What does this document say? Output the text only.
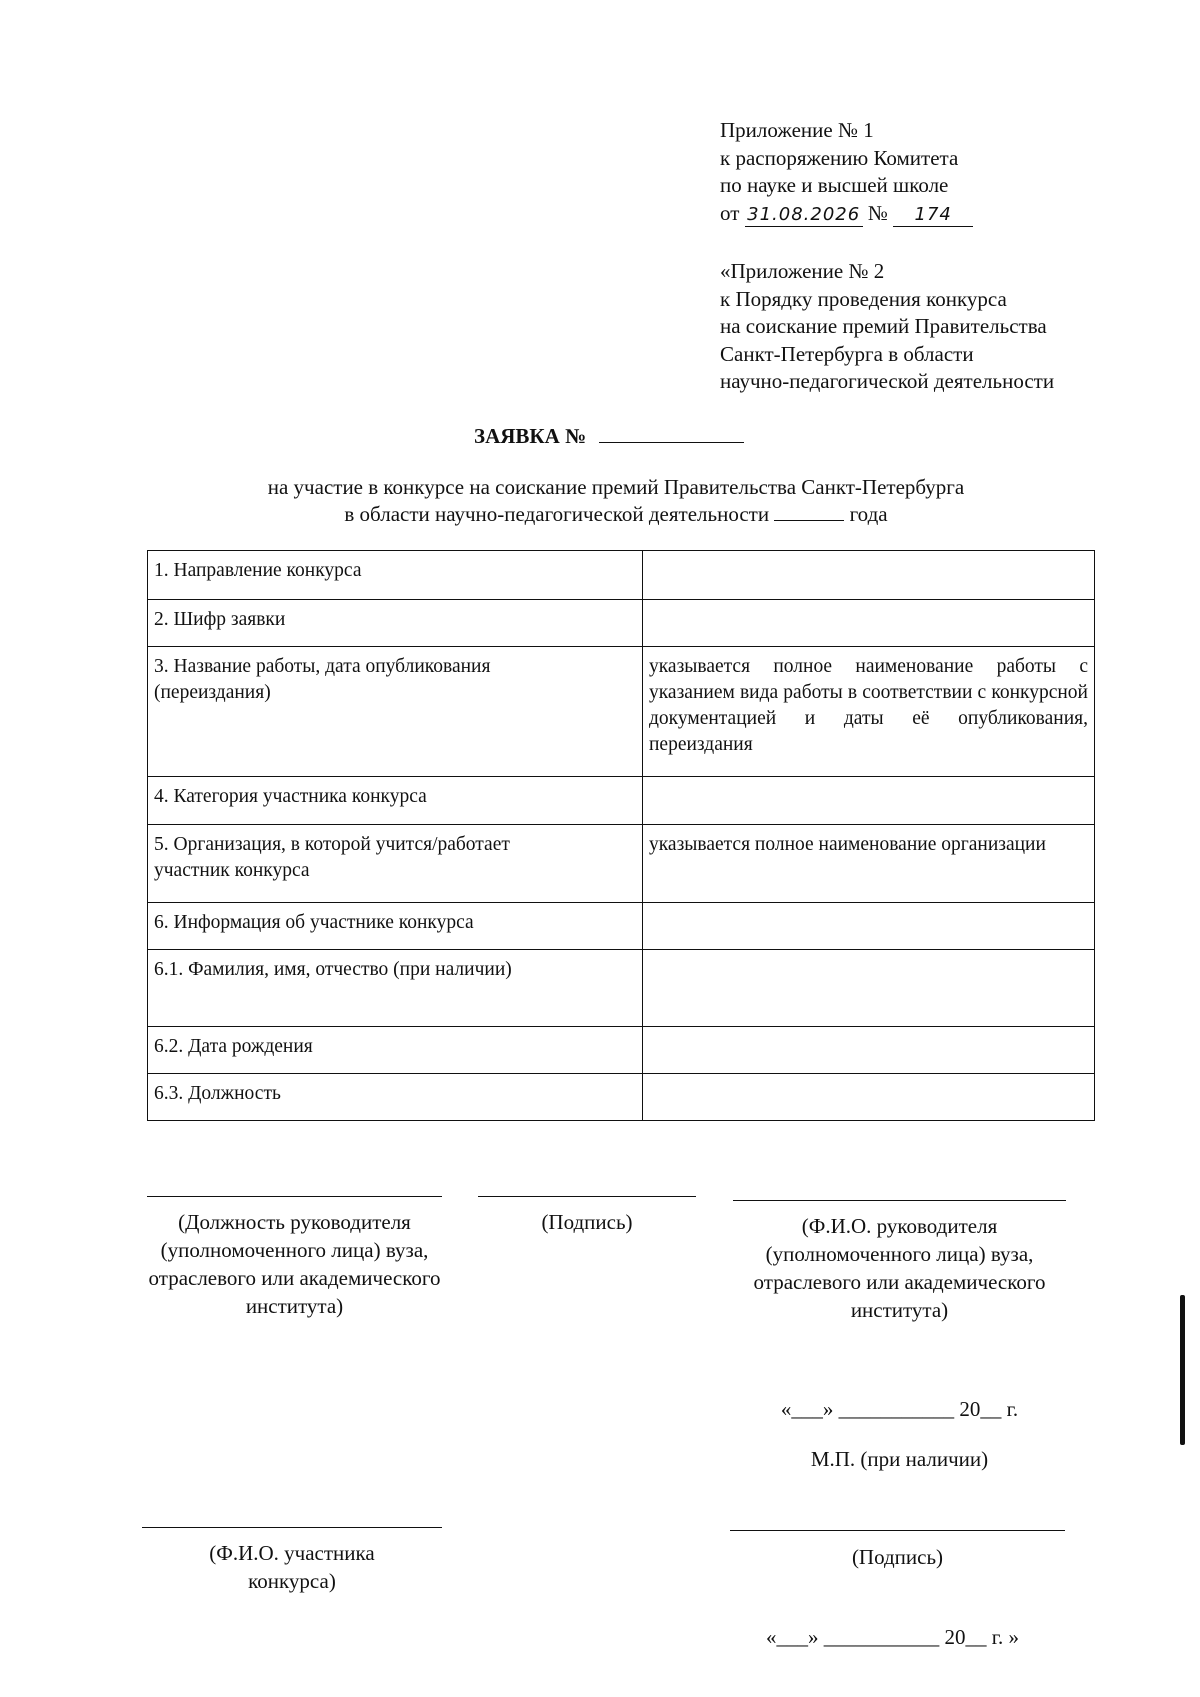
Приложение № 1
к распоряжению Комитета
по науке и высшей школе
от 31.08.2026 № 174
«Приложение № 2
к Порядку проведения конкурса
на соискание премий Правительства
Санкт-Петербурга в области
научно-педагогической деятельности
ЗАЯВКА №
на участие в конкурсе на соискание премий Правительства Санкт-Петербурга
в области научно-педагогической деятельности	года
1. Направление конкурса	
2. Шифр заявки	
3. Название работы, дата опубликования (переиздания)	указывается полное наименование работы с указанием вида работы в соответствии с конкурсной документацией и даты её опубликования, переиздания
4. Категория участника конкурса	
5. Организация, в которой учится/работает участник конкурса	указывается полное наименование организации
6. Информация об участнике конкурса	
6.1. Фамилия, имя, отчество (при наличии)	
6.2. Дата рождения	
6.3. Должность	
(Должность руководителя (уполномоченного лица) вуза, отраслевого или академического института)
(Подпись)	(Ф.И.О. руководителя (уполномоченного лица) вуза, отраслевого или академического института)
«___» ___________ 20__ г.
М.П. (при наличии)
(Ф.И.О. участника конкурса)
(Подпись)
«___» ___________ 20__ г. »
